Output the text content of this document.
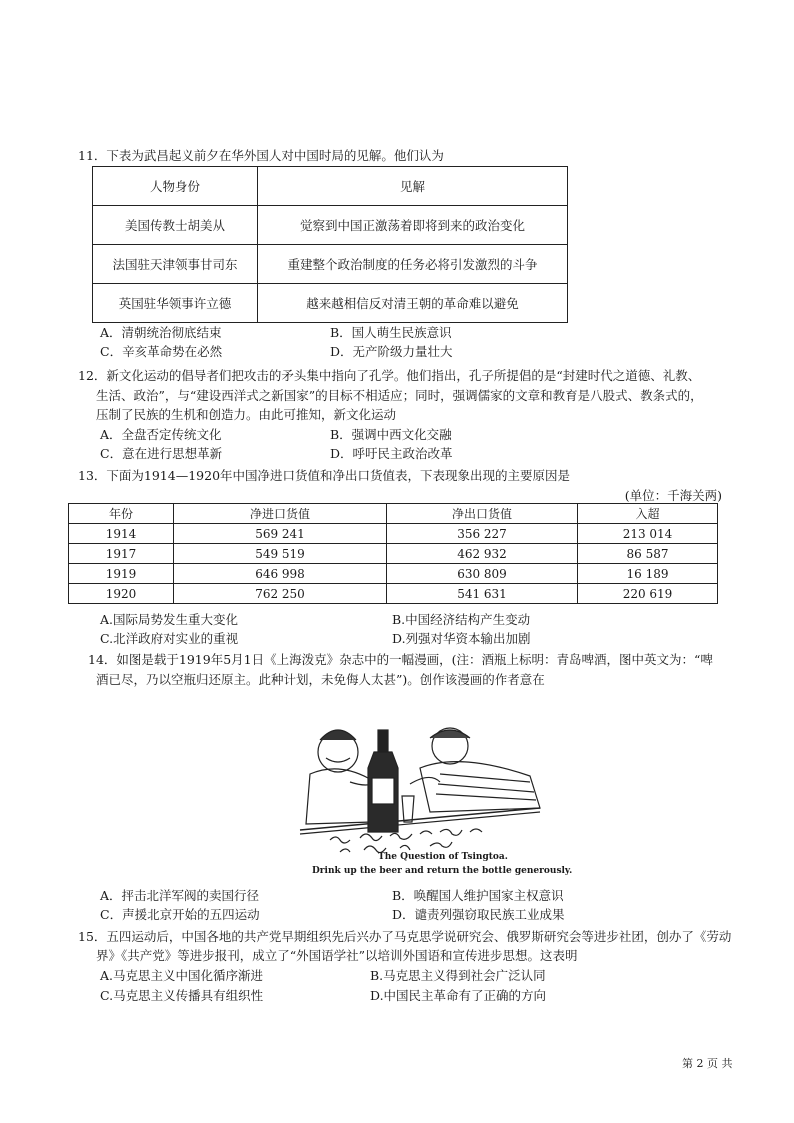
11．下表为武昌起义前夕在华外国人对中国时局的见解。他们认为
人物身份	见解
美国传教士胡美从	觉察到中国正激荡着即将到来的政治变化
法国驻天津领事甘司东	重建整个政治制度的任务必将引发激烈的斗争
英国驻华领事许立德	越来越相信反对清王朝的革命难以避免
A．清朝统治彻底结束	B．国人萌生民族意识
C．辛亥革命势在必然	D．无产阶级力量壮大
12．新文化运动的倡导者们把攻击的矛头集中指向了孔学。他们指出，孔子所提倡的是“封建时代之道德、礼教、
生活、政治”，与“建设西洋式之新国家”的目标不相适应；同时，强调儒家的文章和教育是八股式、教条式的，
压制了民族的生机和创造力。由此可推知，新文化运动
A．全盘否定传统文化	B．强调中西文化交融
C．意在进行思想革新	D．呼吁民主政治改革
13．下面为1914—1920年中国净进口货值和净出口货值表，下表现象出现的主要原因是
(单位：千海关两)
年份	净进口货值	净出口货值	入超
1914	569 241	356 227	213 014
1917	549 519	462 932	86 587
1919	646 998	630 809	16 189
1920	762 250	541 631	220 619
A.国际局势发生重大变化	B.中国经济结构产生变动
C.北洋政府对实业的重视	D.列强对华资本输出加剧
14．如图是载于1919年5月1日《上海泼克》杂志中的一幅漫画，(注：酒瓶上标明：青岛啤酒，图中英文为：“啤
酒已尽，乃以空瓶归还原主。此种计划，未免侮人太甚”)。创作该漫画的作者意在
The Question of Tsingtoa.
Drink up the beer and return the bottle generously.
A．抨击北洋军阀的卖国行径	B．唤醒国人维护国家主权意识
C．声援北京开始的五四运动	D．谴责列强窃取民族工业成果
15．五四运动后，中国各地的共产党早期组织先后兴办了马克思学说研究会、俄罗斯研究会等进步社团，创办了《劳动
界》《共产党》等进步报刊，成立了“外国语学社”以培训外国语和宣传进步思想。这表明
A.马克思主义中国化循序渐进	B.马克思主义得到社会广泛认同
C.马克思主义传播具有组织性	D.中国民主革命有了正确的方向
第 2 页 共
